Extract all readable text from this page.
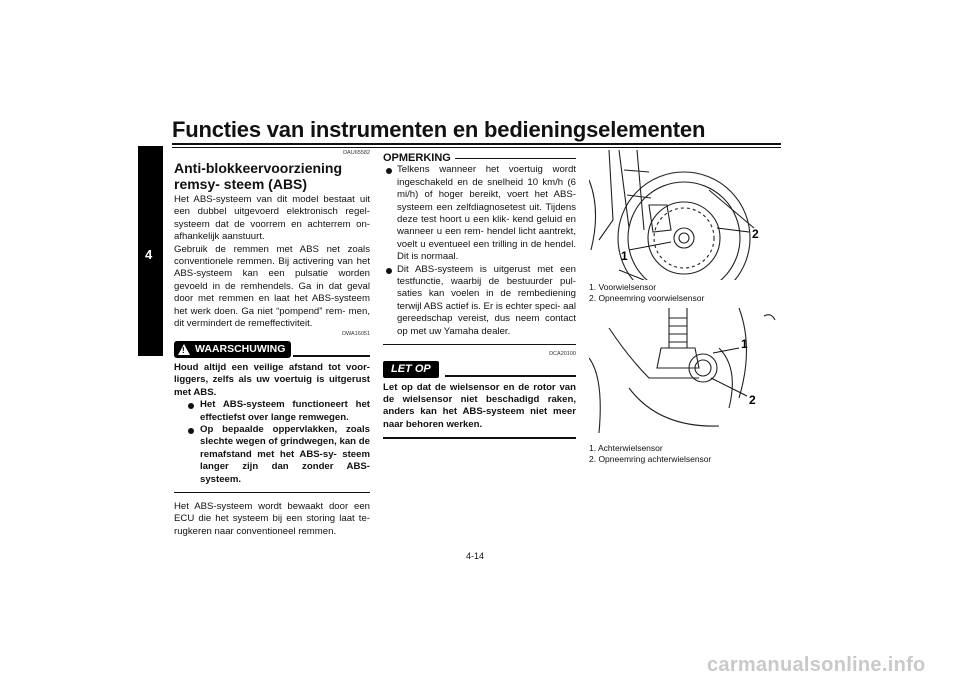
Functies van instrumenten en bedieningselementen
4
DAU65582
Anti-blokkeervoorziening remsy- steem (ABS)

Het ABS-systeem van dit model bestaat uit een dubbel uitgevoerd elektronisch regel- systeem dat de voorrem en achterrem on- afhankelijk aanstuurt.

Gebruik de remmen met ABS net zoals conventionele remmen. Bij activering van het ABS-systeem kan een pulsatie worden gevoeld in de remhendels. Ga in dat geval door met remmen en laat het ABS-systeem het werk doen. Ga niet “pompend” rem- men, dit vermindert de remeffectiviteit.

DWA16051
!
WAARSCHUWING

Houd altijd een veilige afstand tot voor- liggers, zelfs als uw voertuig is uitgerust met ABS.

Het ABS-systeem functioneert het effectiefst over lange remwegen.
Op bepaalde oppervlakken, zoals slechte wegen of grindwegen, kan de remafstand met het ABS-sy- steem langer zijn dan zonder ABS- systeem.

Het ABS-systeem wordt bewaakt door een ECU die het systeem bij een storing laat te- rugkeren naar conventioneel remmen.

OPMERKING
Telkens wanneer het voertuig wordt ingeschakeld en de snelheid 10 km/h (6 mi/h) of hoger bereikt, voert het ABS-systeem een zelfdiagnosetest uit. Tijdens deze test hoort u een klik- kend geluid en wanneer u een rem- hendel licht aantrekt, voelt u eventueel een trilling in de hendel. Dit is normaal.
Dit ABS-systeem is uitgerust met een testfunctie, waarbij de bestuurder pul- saties kan voelen in de rembediening terwijl ABS actief is. Er is echter speci- aal gereedschap vereist, dus neem contact op met uw Yamaha dealer.
DCA20100
LET OP

Let op dat de wielsensor en de rotor van de wielsensor niet beschadigd raken, anders kan het ABS-systeem niet meer naar behoren werken.

1
2
1. Voorwielsensor
2. Opneemring voorwielsensor
1
2
1. Achterwielsensor
2. Opneemring achterwielsensor
4-14
carmanualsonline.info
